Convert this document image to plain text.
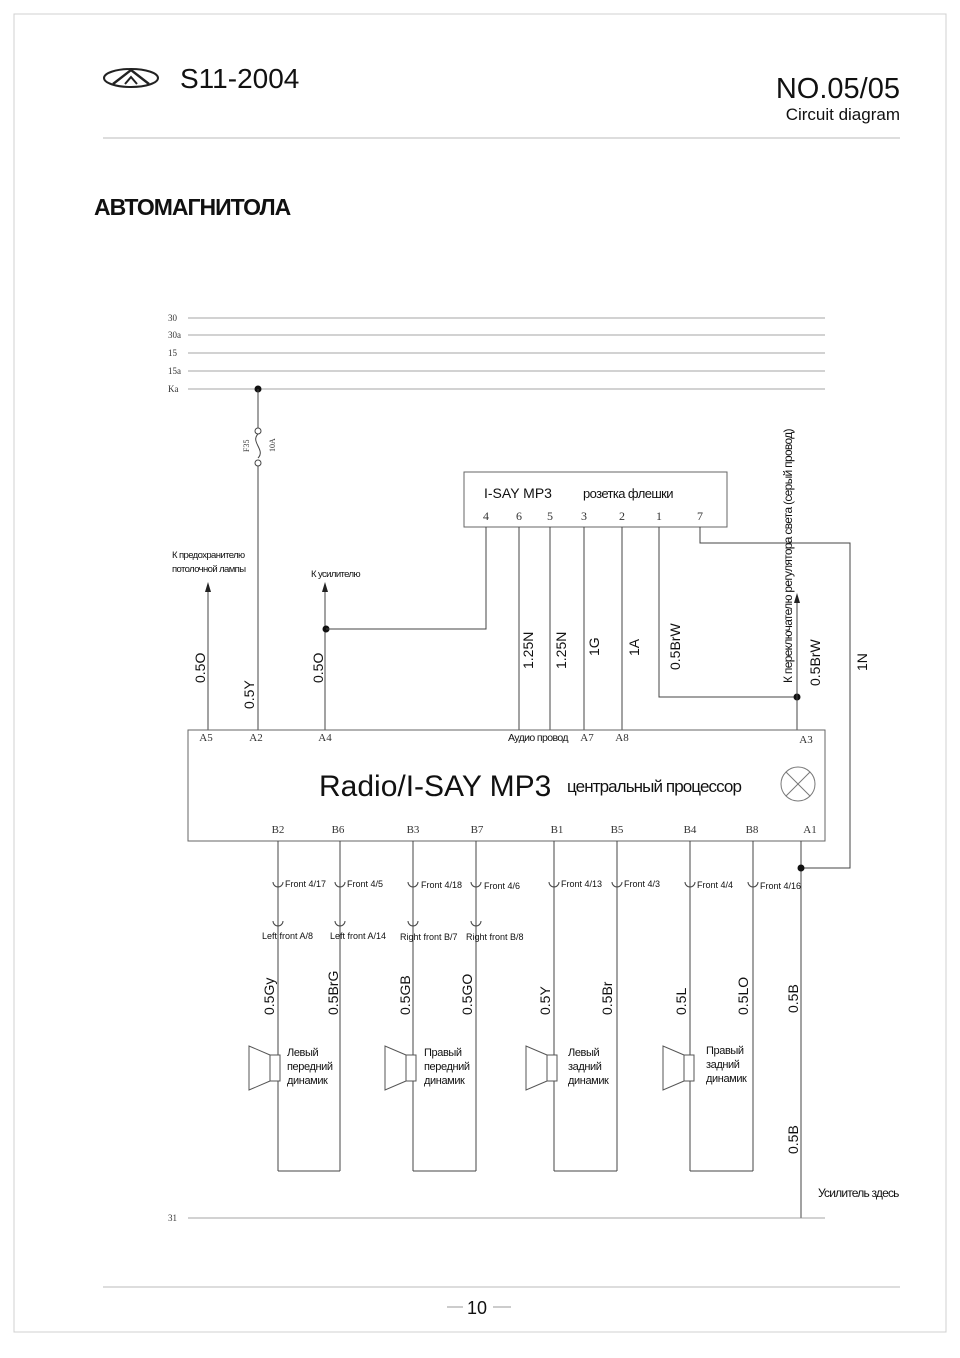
S11-2004	NO.05/05
Circuit diagram
АВТОМАГНИТОЛА
30
30a
15
15a
Ka
F35 10A
I-SAY MP3 розетка флешки
4 6 5 3	2	1	7
К предохранителю
потолочной лампы	К усилителю	К переключателю регулятора света (серый провод)
0.5O
0.5Y
0.5O	1.25N 1.25N 1G 1A 0.5BrW	0.5BrW 1N
A5	A2	A4	Аудио провод A7 A8	A3
Radio/I-SAY MP3 центральный процессор
B2	B6	B3	B7	B1	B5	B4	B8	A1
Front 4/17 Front 4/5	Front 4/18 Front 4/6	Front 4/13 Front 4/3	Front 4/4	Front 4/16
Left front A/8 Left front A/14 Right front B/7 Right front B/8
0.5Gy	0.5BrG	0.5GB	0.5GO	0.5Y	0.5Br	0.5L	0.5LO 0.5B
0.5B
Левый
передний
динамик
Правый
передний
динамик
Левый
задний
динамик
Правый
задний
динамик
Усилитель здесь
31
10
